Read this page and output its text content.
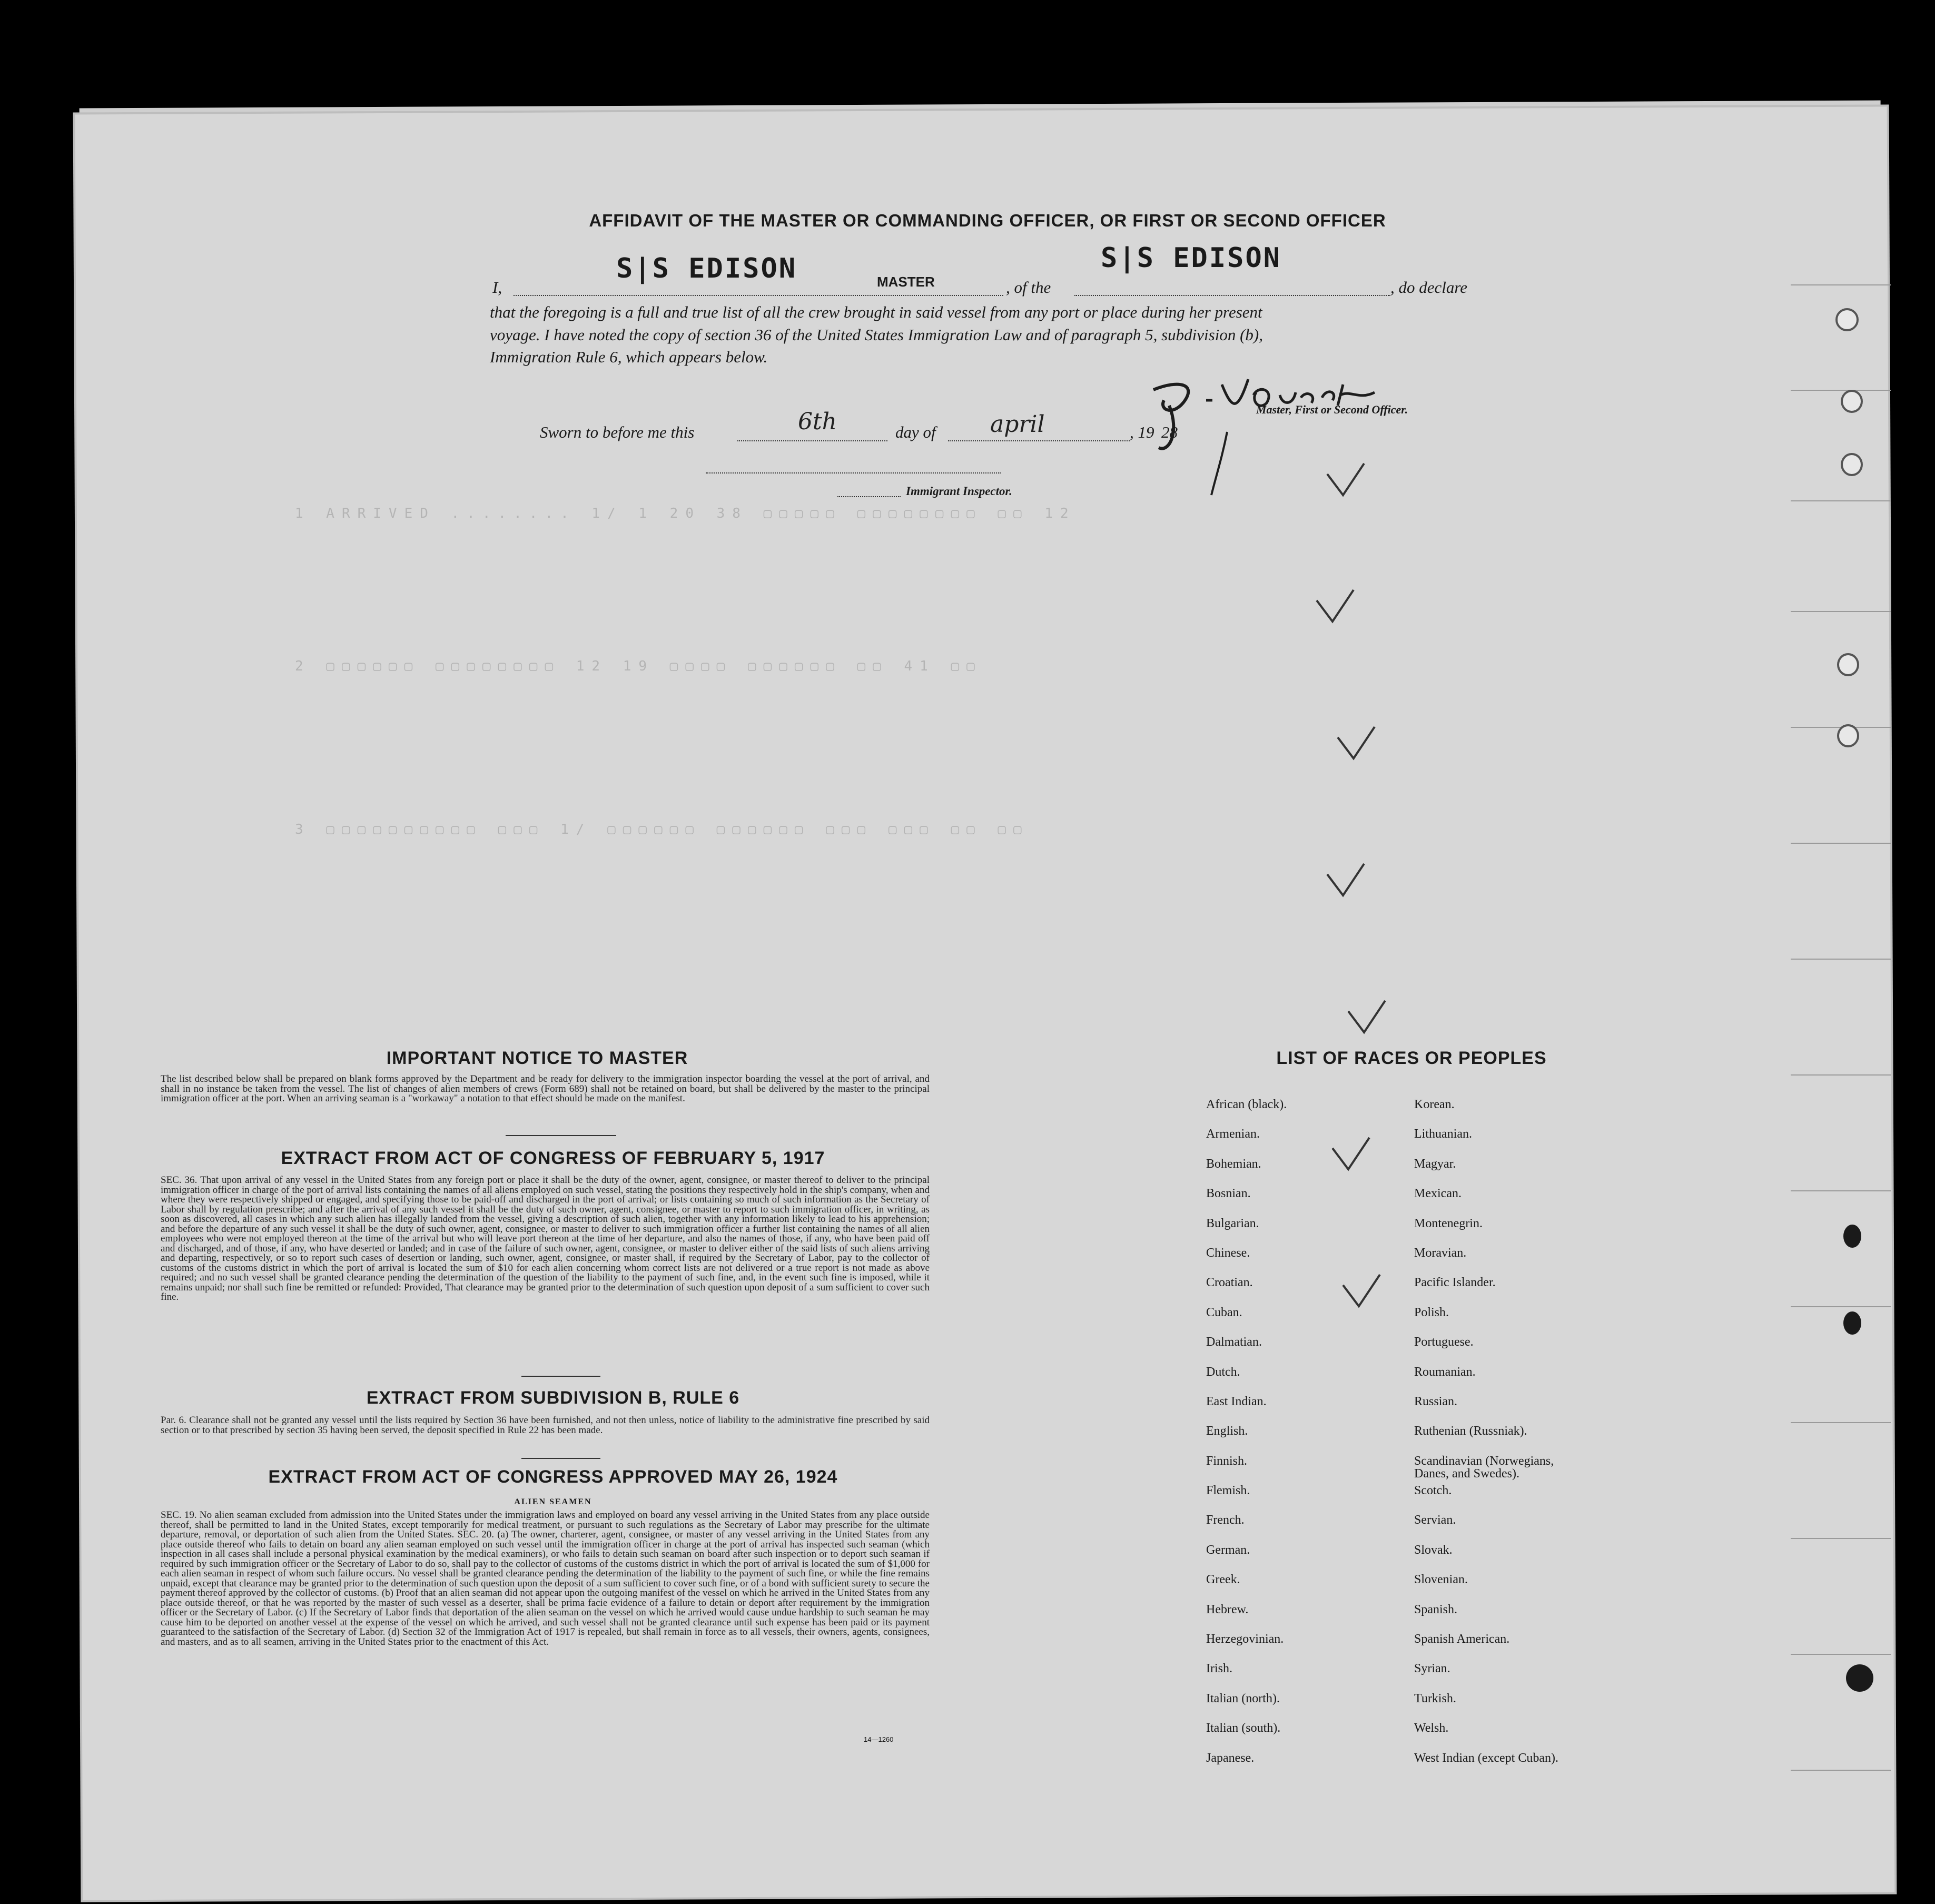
1 ARRIVED ........ 1/ 1 20 38 ▢▢▢▢▢ ▢▢▢▢▢▢▢▢ ▢▢ 12
2 ▢▢▢▢▢▢ ▢▢▢▢▢▢▢▢ 12 19 ▢▢▢▢ ▢▢▢▢▢▢ ▢▢ 41 ▢▢
3 ▢▢▢▢▢▢▢▢▢▢ ▢▢▢ 1/ ▢▢▢▢▢▢ ▢▢▢▢▢▢ ▢▢▢ ▢▢▢ ▢▢ ▢▢
AFFIDAVIT OF THE MASTER OR COMMANDING OFFICER, OR FIRST OR SECOND OFFICER
I,
S|S EDISON	MASTER	, of the
S|S EDISON
, do declare
that the foregoing is a full and true list of all the crew brought in said vessel from any port or place during her present
voyage. I have noted the copy of section 36 of the United States Immigration Law and of paragraph 5, subdivision (b),
Immigration Rule 6, which appears below.
Master, First or Second Officer.
Sworn to before me this	6th	day of april	, 19 28
Immigrant Inspector.
IMPORTANT NOTICE TO MASTER
The list described below shall be prepared on blank forms approved by the Department and be ready for delivery to the immigration inspector boarding the vessel at the port of arrival, and shall in no instance be taken from the vessel. The list of changes of alien members of crews (Form 689) shall not be retained on board, but shall be delivered by the master to the principal immigration officer at the port. When an arriving seaman is a "workaway" a notation to that effect should be made on the manifest.
EXTRACT FROM ACT OF CONGRESS OF FEBRUARY 5, 1917
SEC. 36. That upon arrival of any vessel in the United States from any foreign port or place it shall be the duty of the owner, agent, consignee, or master thereof to deliver to the principal immigration officer in charge of the port of arrival lists containing the names of all aliens employed on such vessel, stating the positions they respectively hold in the ship's company, when and where they were respectively shipped or engaged, and specifying those to be paid-off and discharged in the port of arrival; or lists containing so much of such information as the Secretary of Labor shall by regulation prescribe; and after the arrival of any such vessel it shall be the duty of such owner, agent, consignee, or master to report to such immigration officer, in writing, as soon as discovered, all cases in which any such alien has illegally landed from the vessel, giving a description of such alien, together with any information likely to lead to his apprehension; and before the departure of any such vessel it shall be the duty of such owner, agent, consignee, or master to deliver to such immigration officer a further list containing the names of all alien employees who were not employed thereon at the time of the arrival but who will leave port thereon at the time of her departure, and also the names of those, if any, who have been paid off and discharged, and of those, if any, who have deserted or landed; and in case of the failure of such owner, agent, consignee, or master to deliver either of the said lists of such aliens arriving and departing, respectively, or so to report such cases of desertion or landing, such owner, agent, consignee, or master shall, if required by the Secretary of Labor, pay to the collector of customs of the customs district in which the port of arrival is located the sum of $10 for each alien concerning whom correct lists are not delivered or a true report is not made as above required; and no such vessel shall be granted clearance pending the determination of the question of the liability to the payment of such fine, and, in the event such fine is imposed, while it remains unpaid; nor shall such fine be remitted or refunded: Provided, That clearance may be granted prior to the determination of such question upon deposit of a sum sufficient to cover such fine.
EXTRACT FROM SUBDIVISION B, RULE 6
Par. 6. Clearance shall not be granted any vessel until the lists required by Section 36 have been furnished, and not then unless, notice of liability to the administrative fine prescribed by said section or to that prescribed by section 35 having been served, the deposit specified in Rule 22 has been made.
EXTRACT FROM ACT OF CONGRESS APPROVED MAY 26, 1924
ALIEN SEAMEN
SEC. 19. No alien seaman excluded from admission into the United States under the immigration laws and employed on board any vessel arriving in the United States from any place outside thereof, shall be permitted to land in the United States, except temporarily for medical treatment, or pursuant to such regulations as the Secretary of Labor may prescribe for the ultimate departure, removal, or deportation of such alien from the United States. SEC. 20. (a) The owner, charterer, agent, consignee, or master of any vessel arriving in the United States from any place outside thereof who fails to detain on board any alien seaman employed on such vessel until the immigration officer in charge at the port of arrival has inspected such seaman (which inspection in all cases shall include a personal physical examination by the medical examiners), or who fails to detain such seaman on board after such inspection or to deport such seaman if required by such immigration officer or the Secretary of Labor to do so, shall pay to the collector of customs of the customs district in which the port of arrival is located the sum of $1,000 for each alien seaman in respect of whom such failure occurs. No vessel shall be granted clearance pending the determination of the liability to the payment of such fine, or while the fine remains unpaid, except that clearance may be granted prior to the determination of such question upon the deposit of a sum sufficient to cover such fine, or of a bond with sufficient surety to secure the payment thereof approved by the collector of customs. (b) Proof that an alien seaman did not appear upon the outgoing manifest of the vessel on which he arrived in the United States from any place outside thereof, or that he was reported by the master of such vessel as a deserter, shall be prima facie evidence of a failure to detain or deport after requirement by the immigration officer or the Secretary of Labor. (c) If the Secretary of Labor finds that deportation of the alien seaman on the vessel on which he arrived would cause undue hardship to such seaman he may cause him to be deported on another vessel at the expense of the vessel on which he arrived, and such vessel shall not be granted clearance until such expense has been paid or its payment guaranteed to the satisfaction of the Secretary of Labor. (d) Section 32 of the Immigration Act of 1917 is repealed, but shall remain in force as to all vessels, their owners, agents, consignees, and masters, and as to all seamen, arriving in the United States prior to the enactment of this Act.
14—1260
LIST OF RACES OR PEOPLES
African (black).
Armenian.
Bohemian.
Bosnian.
Bulgarian.
Chinese.
Croatian.
Cuban.
Dalmatian.
Dutch.
East Indian.
English.
Finnish.
Flemish.
French.
German.
Greek.
Hebrew.
Herzegovinian.
Irish.
Italian (north).
Italian (south).
Japanese.
Korean.
Lithuanian.
Magyar.
Mexican.
Montenegrin.
Moravian.
Pacific Islander.
Polish.
Portuguese.
Roumanian.
Russian.
Ruthenian (Russniak).
Scandinavian (Norwegians,
Danes, and Swedes).
Scotch.
Servian.
Slovak.
Slovenian.
Spanish.
Spanish American.
Syrian.
Turkish.
Welsh.
West Indian (except Cuban).
